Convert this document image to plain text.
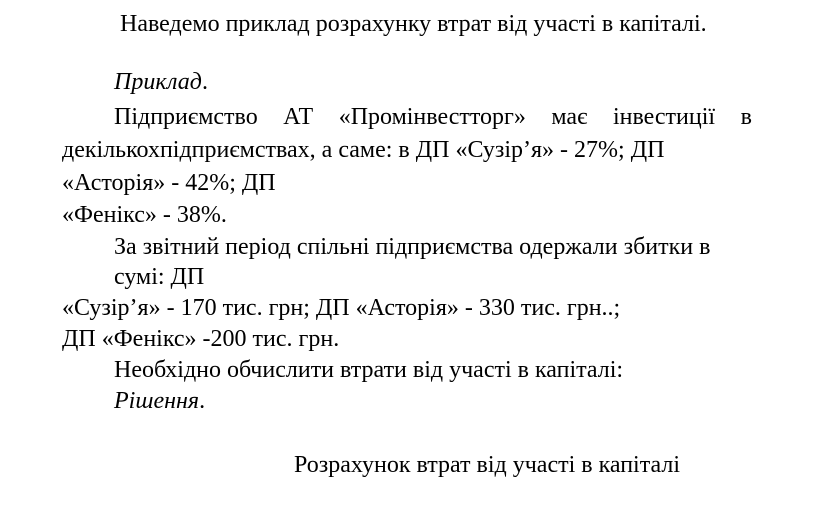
Наведемо приклад розрахунку втрат від участі в капіталі.
Приклад.
Підприємство АТ «Промінвестторг» має інвестиції в
декількохпідприємствах, а саме: в ДП «Сузір’я» - 27%; ДП
«Асторія» - 42%; ДП
«Фенікс» - 38%.
За звітний період спільні підприємства одержали збитки в
сумі: ДП
«Сузір’я» - 170 тис. грн; ДП «Асторія» - 330 тис. грн..;
ДП «Фенікс» -200 тис. грн.
Необхідно обчислити втрати від участі в капіталі:
Рішення.
Розрахунок втрат від участі в капіталі
